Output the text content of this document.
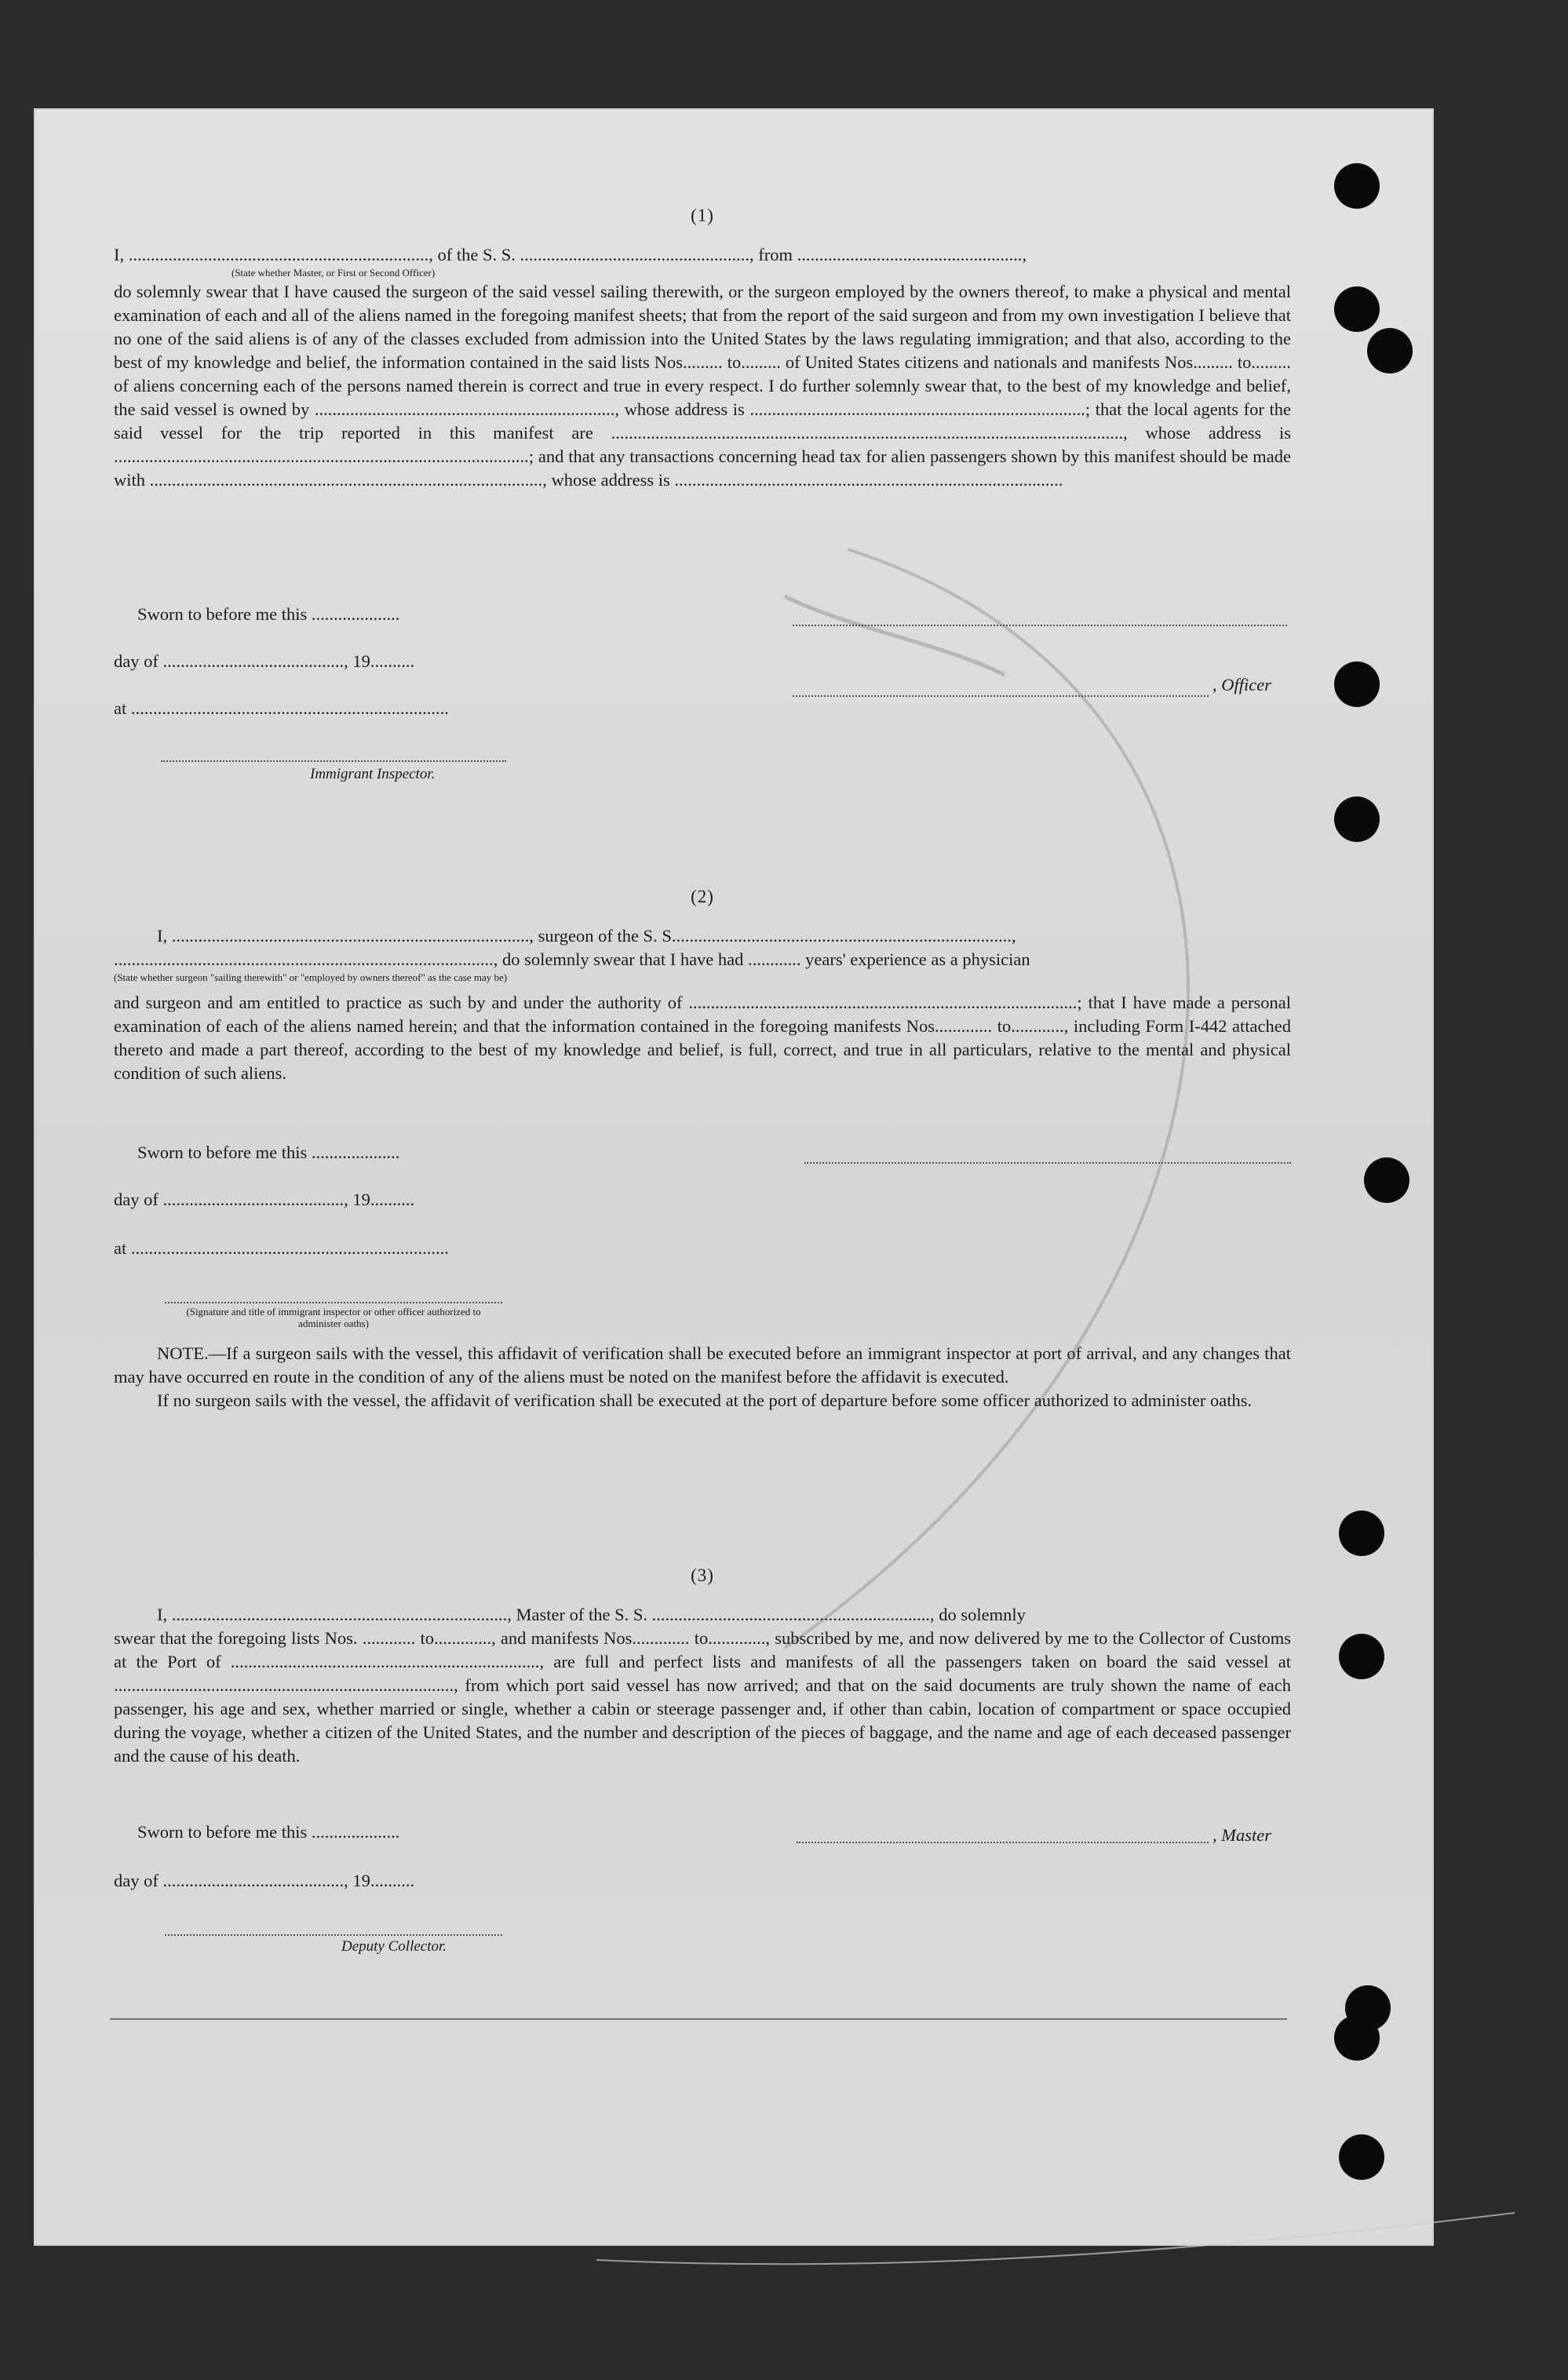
(1)
I, ...................................................................., of the S. S. ...................................................., from ...................................................,
(State whether Master, or First or Second Officer)
do solemnly swear that I have caused the surgeon of the said vessel sailing therewith, or the surgeon employed by the owners thereof, to make a physical and mental examination of each and all of the aliens named in the foregoing manifest sheets; that from the report of the said surgeon and from my own investigation I believe that no one of the said aliens is of any of the classes excluded from admission into the United States by the laws regulating immigration; and that also, according to the best of my knowledge and belief, the information contained in the said lists Nos......... to......... of United States citizens and nationals and manifests Nos......... to......... of aliens concerning each of the persons named therein is correct and true in every respect. I do further solemnly swear that, to the best of my knowledge and belief, the said vessel is owned by ...................................................................., whose address is ............................................................................; that the local agents for the said vessel for the trip reported in this manifest are ...................................................................................................................., whose address is ..............................................................................................; and that any transactions concerning head tax for alien passengers shown by this manifest should be made with ........................................................................................., whose address is ........................................................................................
Sworn to before me this ....................
day of ........................................., 19..........
at ........................................................................
Immigrant Inspector.
, Officer
(2)
I, ................................................................................., surgeon of the S. S.............................................................................,
......................................................................................, do solemnly swear that I have had ............ years' experience as a physician
(State whether surgeon "sailing therewith" or "employed by owners thereof" as the case may be)
and surgeon and am entitled to practice as such by and under the authority of ........................................................................................; that I have made a personal examination of each of the aliens named herein; and that the information contained in the foregoing manifests Nos............. to............, including Form I-442 attached thereto and made a part thereof, according to the best of my knowledge and belief, is full, correct, and true in all particulars, relative to the mental and physical condition of such aliens.
Sworn to before me this ....................
day of ........................................., 19..........
at ........................................................................
(Signature and title of immigrant inspector or other officer authorized to administer oaths)
NOTE.—If a surgeon sails with the vessel, this affidavit of verification shall be executed before an immigrant inspector at port of arrival, and any changes that may have occurred en route in the condition of any of the aliens must be noted on the manifest before the affidavit is executed.
If no surgeon sails with the vessel, the affidavit of verification shall be executed at the port of departure before some officer authorized to administer oaths.
(3)
I, ............................................................................, Master of the S. S. ..............................................................., do solemnly
swear that the foregoing lists Nos. ............ to............., and manifests Nos............. to............., subscribed by me, and now delivered by me to the Collector of Customs at the Port of ......................................................................, are full and perfect lists and manifests of all the passengers taken on board the said vessel at ............................................................................., from which port said vessel has now arrived; and that on the said documents are truly shown the name of each passenger, his age and sex, whether married or single, whether a cabin or steerage passenger and, if other than cabin, location of compartment or space occupied during the voyage, whether a citizen of the United States, and the number and description of the pieces of baggage, and the name and age of each deceased passenger and the cause of his death.
Sworn to before me this ....................
day of ........................................., 19..........
Deputy Collector.
, Master
